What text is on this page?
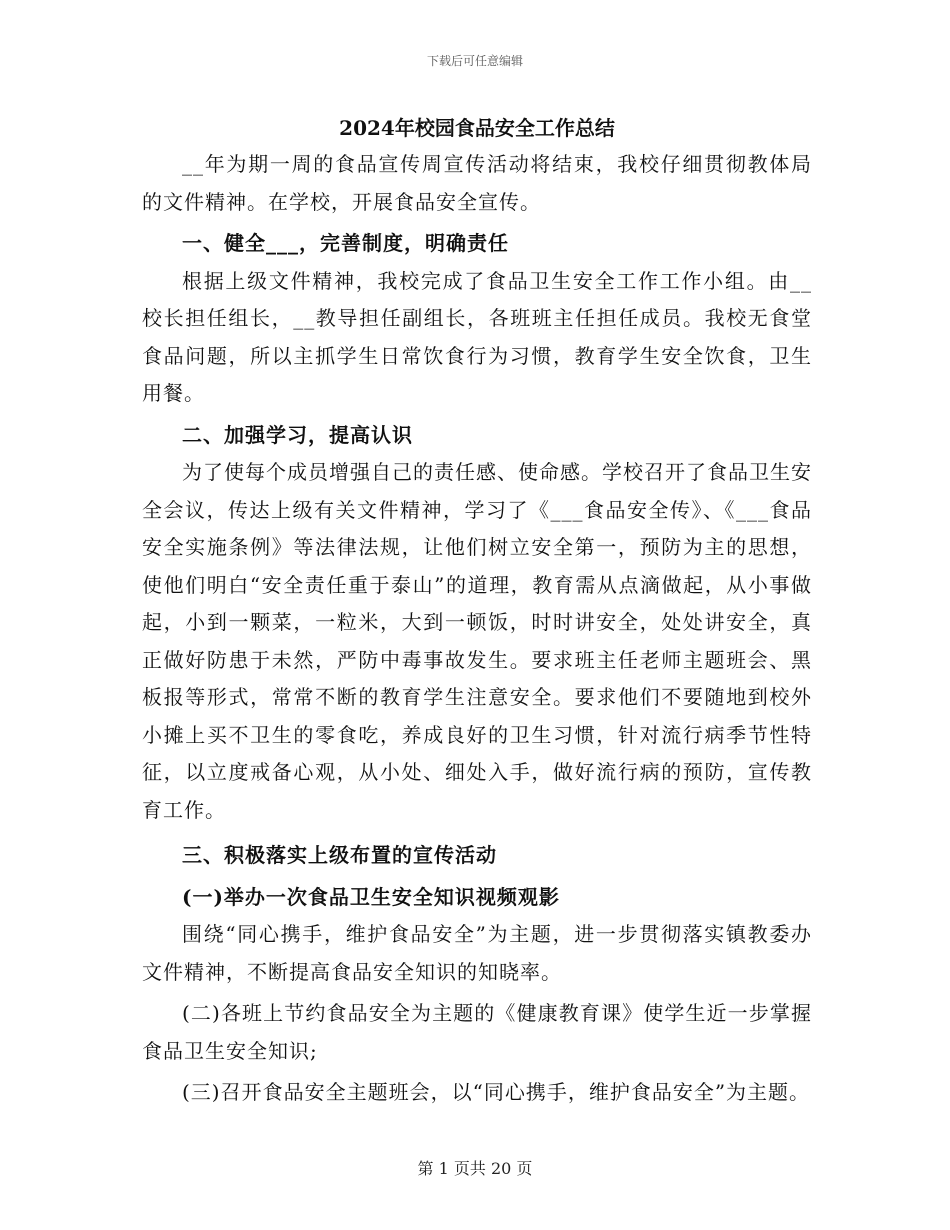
下载后可任意编辑
2024年校园食品安全工作总结

__年为期一周的食品宣传周宣传活动将结束，我校仔细贯彻教体局的文件精神。在学校，开展食品安全宣传。

一、健全___，完善制度，明确责任

根据上级文件精神，我校完成了食品卫生安全工作工作小组。由__校长担任组长，__教导担任副组长，各班班主任担任成员。我校无食堂食品问题，所以主抓学生日常饮食行为习惯，教育学生安全饮食，卫生用餐。

二、加强学习，提高认识

为了使每个成员增强自己的责任感、使命感。学校召开了食品卫生安全会议，传达上级有关文件精神，学习了《___食品安全传》、《___食品安全实施条例》等法律法规，让他们树立安全第一，预防为主的思想，使他们明白“安全责任重于泰山”的道理，教育需从点滴做起，从小事做起，小到一颗菜，一粒米，大到一顿饭，时时讲安全，处处讲安全，真正做好防患于未然，严防中毒事故发生。要求班主任老师主题班会、黑板报等形式，常常不断的教育学生注意安全。要求他们不要随地到校外小摊上买不卫生的零食吃，养成良好的卫生习惯，针对流行病季节性特征，以立度戒备心观，从小处、细处入手，做好流行病的预防，宣传教育工作。

三、积极落实上级布置的宣传活动

(一)举办一次食品卫生安全知识视频观影

围绕“同心携手，维护食品安全”为主题，进一步贯彻落实镇教委办文件精神，不断提高食品安全知识的知晓率。

(二)各班上节约食品安全为主题的《健康教育课》使学生近一步掌握食品卫生安全知识;

(三)召开食品安全主题班会，以“同心携手，维护食品安全”为主题。

第 1 页共 20 页
